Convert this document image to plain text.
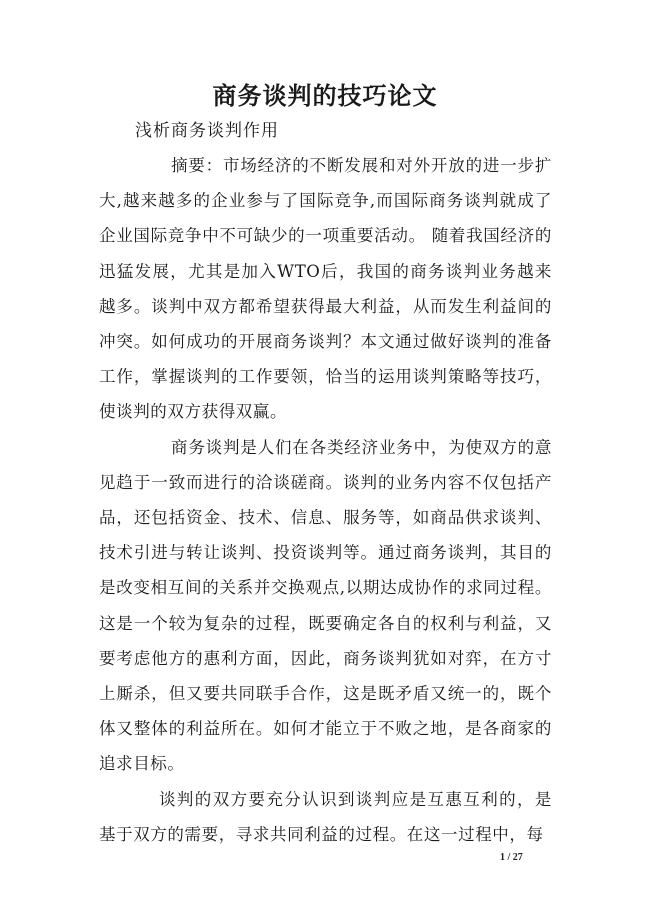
商务谈判的技巧论文
浅析商务谈判作用

摘要：市场经济的不断发展和对外开放的进一步扩大,越来越多的企业参与了国际竞争,而国际商务谈判就成了企业国际竞争中不可缺少的一项重要活动。 随着我国经济的迅猛发展，尤其是加入WTO后，我国的商务谈判业务越来越多。谈判中双方都希望获得最大利益，从而发生利益间的冲突。如何成功的开展商务谈判？本文通过做好谈判的准备工作，掌握谈判的工作要领，恰当的运用谈判策略等技巧，使谈判的双方获得双赢。

商务谈判是人们在各类经济业务中，为使双方的意见趋于一致而进行的洽谈磋商。谈判的业务内容不仅包括产品，还包括资金、技术、信息、服务等，如商品供求谈判、技术引进与转让谈判、投资谈判等。通过商务谈判，其目的是改变相互间的关系并交换观点,以期达成协作的求同过程。这是一个较为复杂的过程，既要确定各自的权利与利益，又要考虑他方的惠利方面，因此，商务谈判犹如对弈，在方寸上厮杀，但又要共同联手合作，这是既矛盾又统一的，既个体又整体的利益所在。如何才能立于不败之地，是各商家的追求目标。

谈判的双方要充分认识到谈判应是互惠互利的，是基于双方的需要，寻求共同利益的过程。在这一过程中，每

1 / 27
